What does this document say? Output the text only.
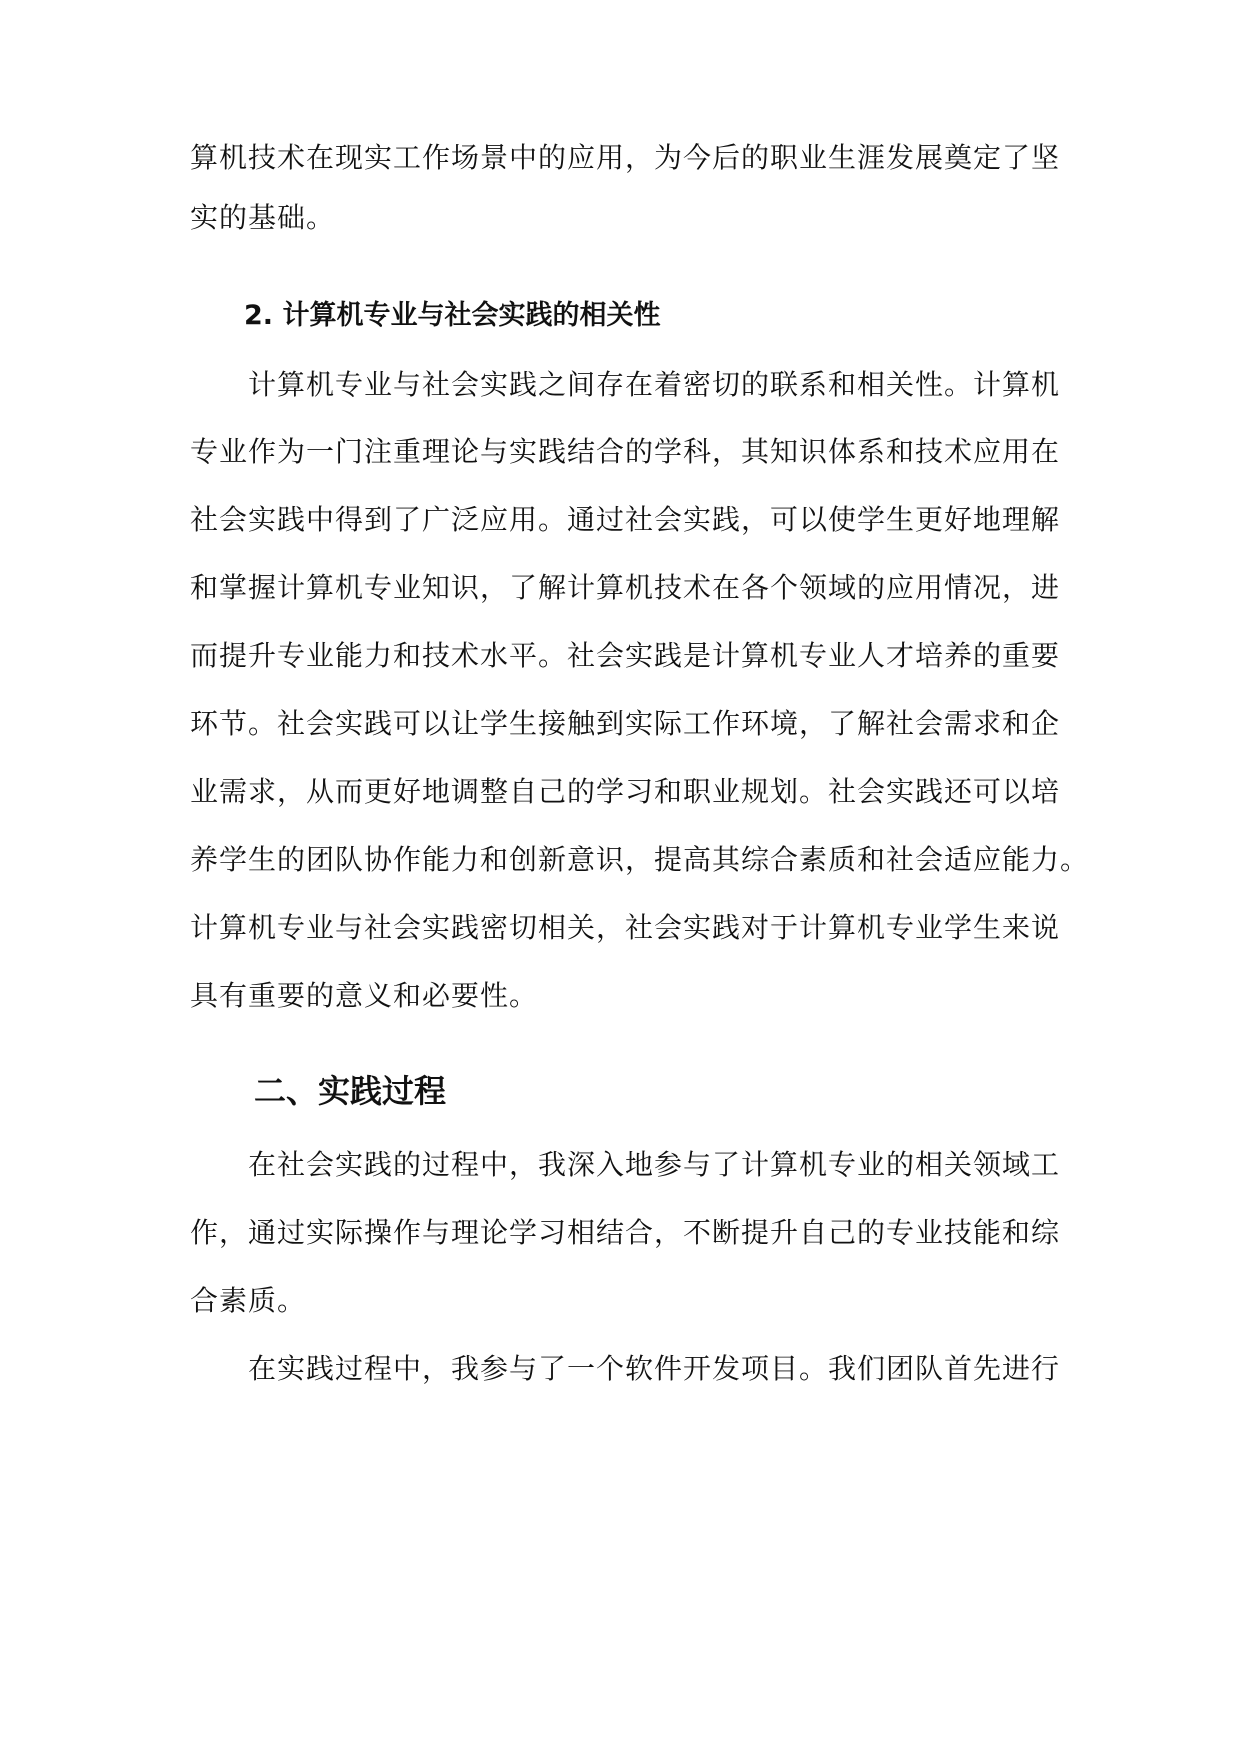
算机技术在现实工作场景中的应用，为今后的职业生涯发展奠定了坚
实的基础。
2. 计算机专业与社会实践的相关性
计算机专业与社会实践之间存在着密切的联系和相关性。计算机
专业作为一门注重理论与实践结合的学科，其知识体系和技术应用在
社会实践中得到了广泛应用。通过社会实践，可以使学生更好地理解
和掌握计算机专业知识，了解计算机技术在各个领域的应用情况，进
而提升专业能力和技术水平。社会实践是计算机专业人才培养的重要
环节。社会实践可以让学生接触到实际工作环境，了解社会需求和企
业需求，从而更好地调整自己的学习和职业规划。社会实践还可以培
养学生的团队协作能力和创新意识，提高其综合素质和社会适应能力。
计算机专业与社会实践密切相关，社会实践对于计算机专业学生来说
具有重要的意义和必要性。
二、实践过程
在社会实践的过程中，我深入地参与了计算机专业的相关领域工
作，通过实际操作与理论学习相结合，不断提升自己的专业技能和综
合素质。
在实践过程中，我参与了一个软件开发项目。我们团队首先进行
